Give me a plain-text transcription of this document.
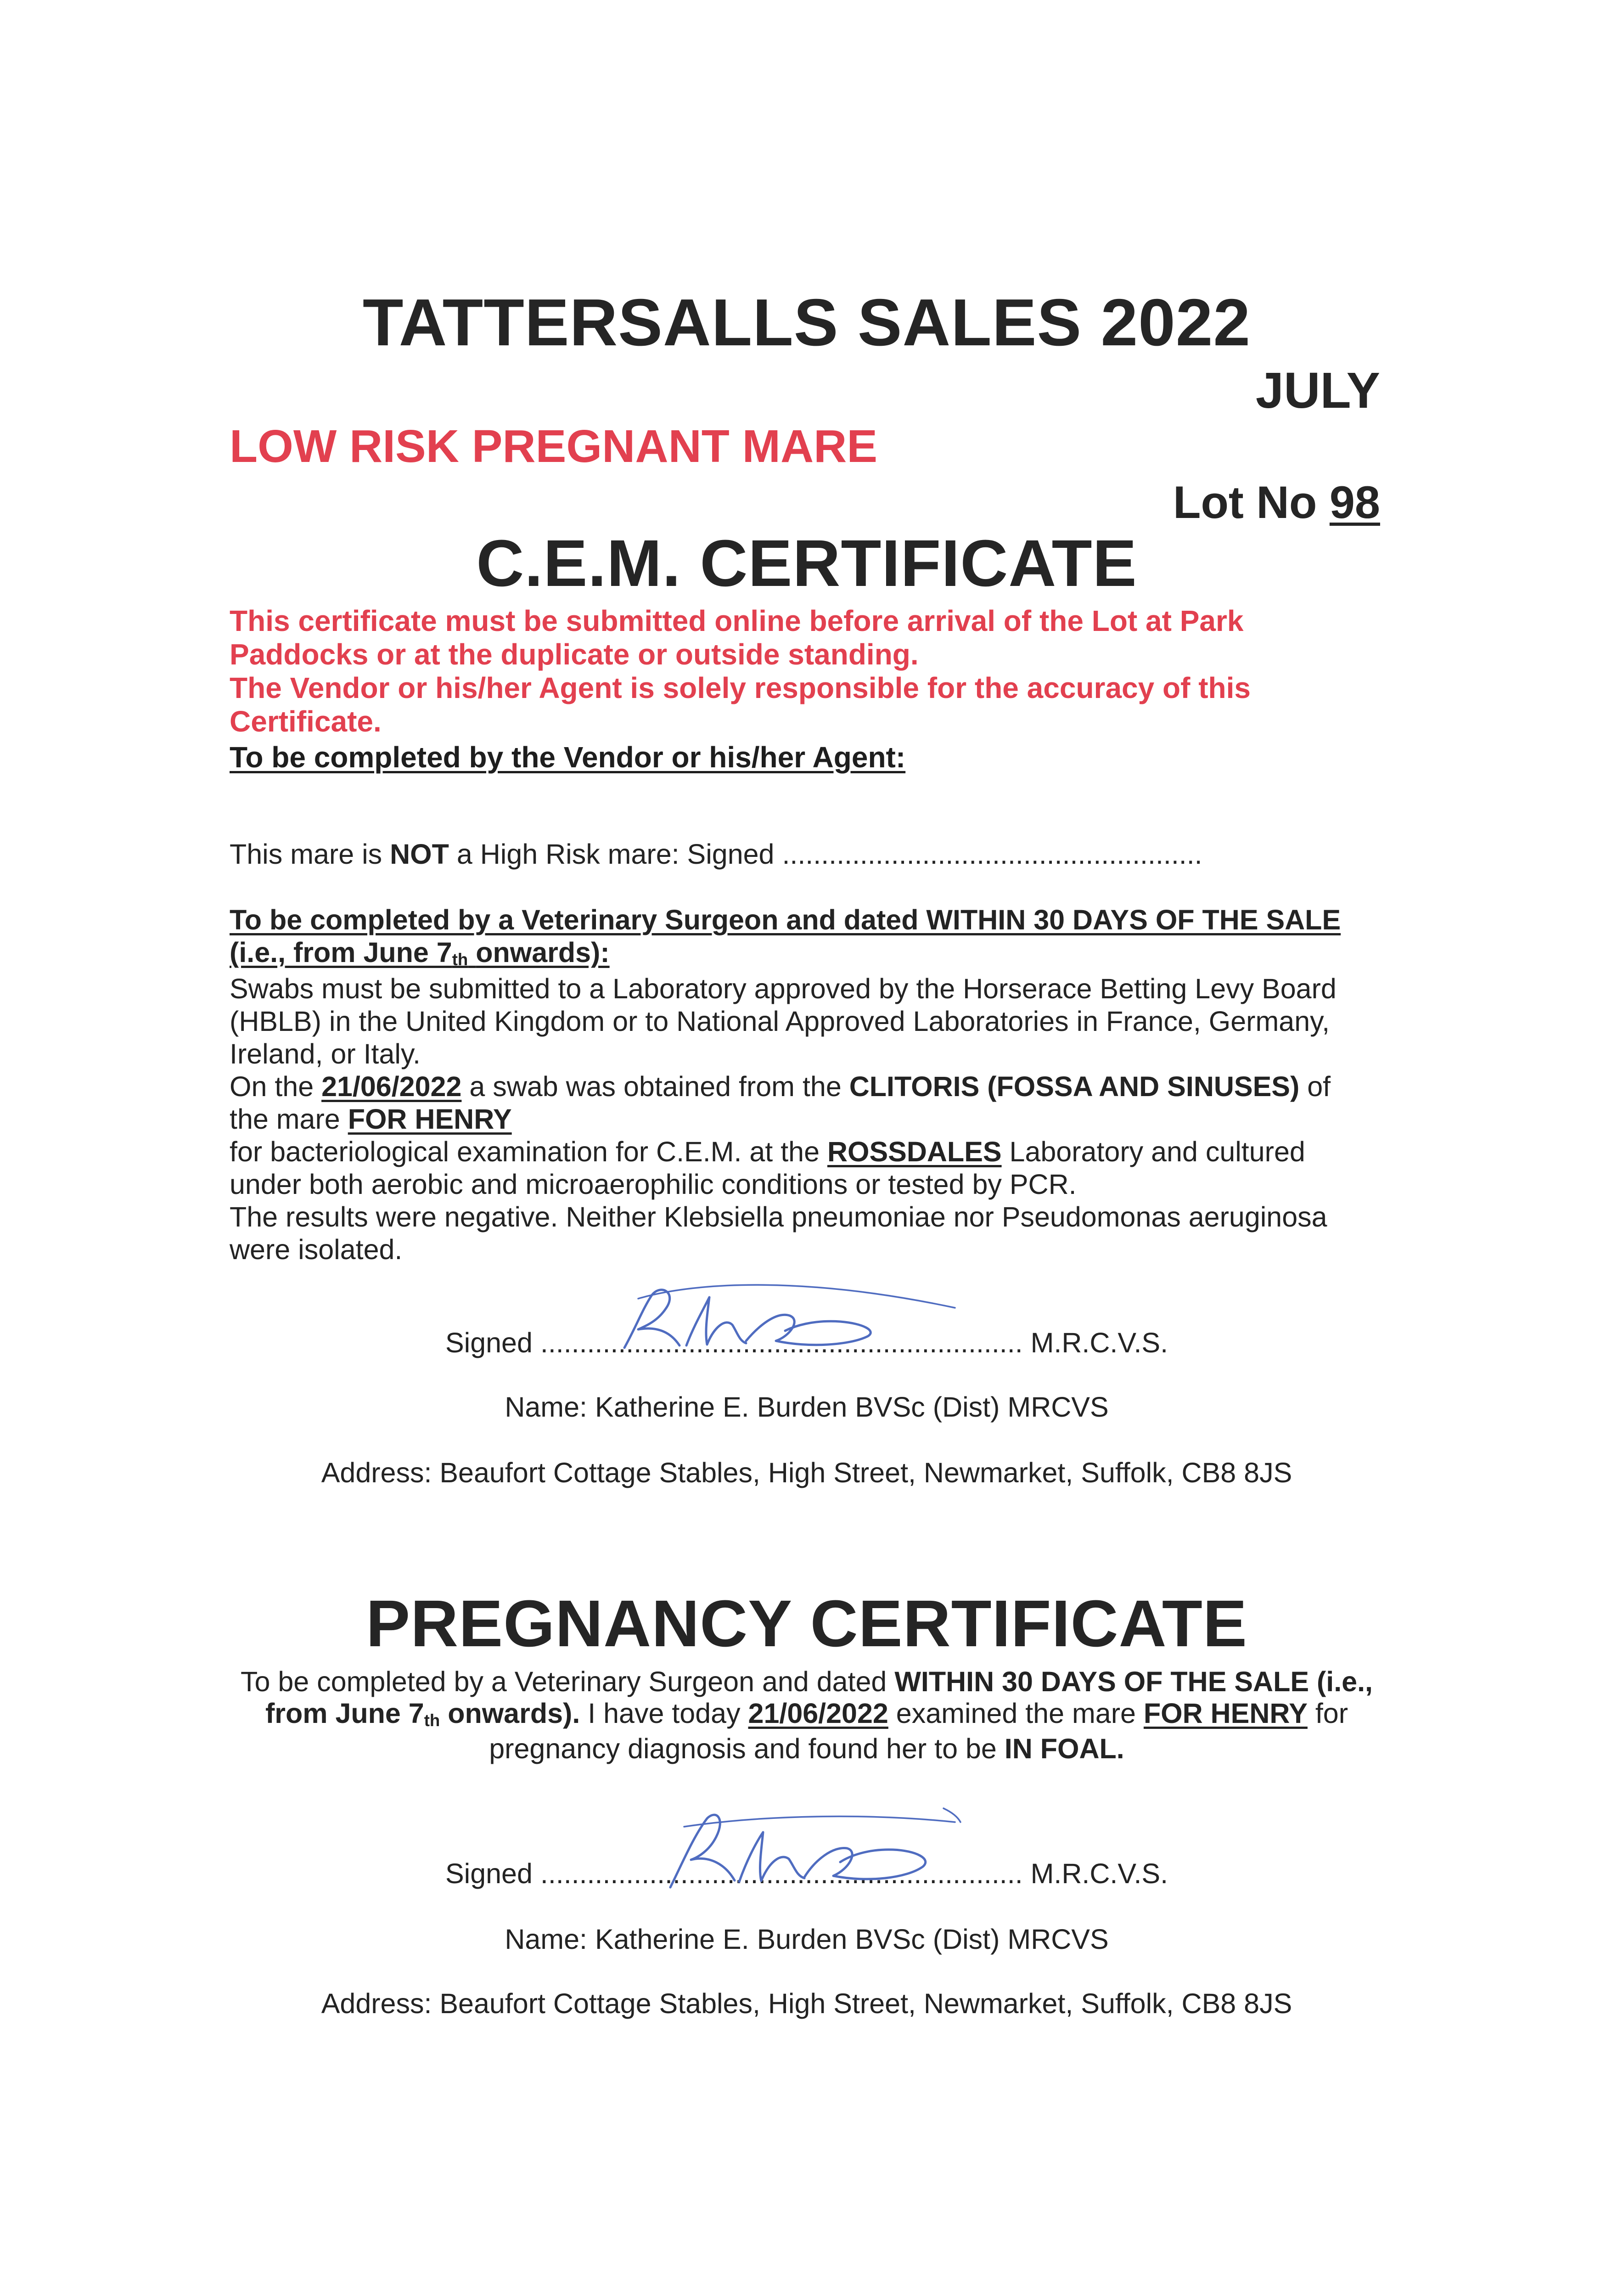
TATTERSALLS SALES 2022
JULY
LOW RISK PREGNANT MARE
Lot No 98
C.E.M. CERTIFICATE
This certificate must be submitted online before arrival of the Lot at Park
Paddocks or at the duplicate or outside standing.
The Vendor or his/her Agent is solely responsible for the accuracy of this
Certificate.
To be completed by the Vendor or his/her Agent:
This mare is NOT a High Risk mare: Signed ......................................................
To be completed by a Veterinary Surgeon and dated WITHIN 30 DAYS OF THE SALE
(i.e., from June 7th onwards):
Swabs must be submitted to a Laboratory approved by the Horserace Betting Levy Board
(HBLB) in the United Kingdom or to National Approved Laboratories in France, Germany,
Ireland, or Italy.
On the 21/06/2022 a swab was obtained from the CLITORIS (FOSSA AND SINUSES) of
the mare FOR HENRY
for bacteriological examination for C.E.M. at the ROSSDALES Laboratory and cultured
under both aerobic and microaerophilic conditions or tested by PCR.
The results were negative. Neither Klebsiella pneumoniae nor Pseudomonas aeruginosa
were isolated.
Signed .............................................................. M.R.C.V.S.
Name: Katherine E. Burden BVSc (Dist) MRCVS
Address: Beaufort Cottage Stables, High Street, Newmarket, Suffolk, CB8 8JS
PREGNANCY CERTIFICATE
To be completed by a Veterinary Surgeon and dated WITHIN 30 DAYS OF THE SALE (i.e.,
from June 7th onwards). I have today 21/06/2022 examined the mare FOR HENRY for
pregnancy diagnosis and found her to be IN FOAL.
Signed .............................................................. M.R.C.V.S.
Name: Katherine E. Burden BVSc (Dist) MRCVS
Address: Beaufort Cottage Stables, High Street, Newmarket, Suffolk, CB8 8JS
